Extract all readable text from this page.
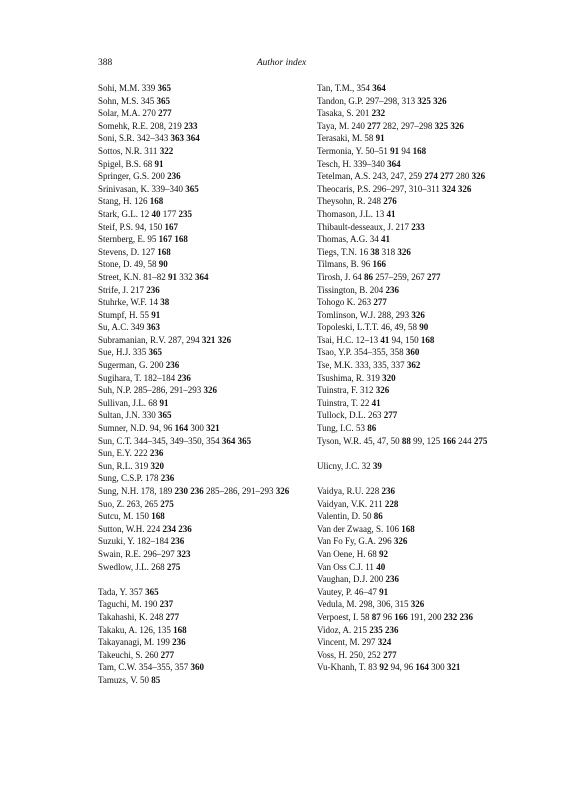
388	Author index
Sohi, M.M. 339 365
Sohn, M.S. 345 365
Solar, M.A. 270 277
Somehk, R.E. 208, 219 233
Soni, S.R. 342–343 363 364
Sottos, N.R. 311 322
Spigel, B.S. 68 91
Springer, G.S. 200 236
Srinivasan, K. 339–340 365
Stang, H. 126 168
Stark, G.L. 12 40 177 235
Steif, P.S. 94, 150 167
Sternberg, E. 95 167 168
Stevens, D. 127 168
Stone, D. 49, 58 90
Street, K.N. 81–82 91 332 364
Strife, J. 217 236
Stuhrke, W.F. 14 38
Stumpf, H. 55 91
Su, A.C. 349 363
Subramanian, R.V. 287, 294 321 326
Sue, H.J. 335 365
Sugerman, G. 200 236
Sugihara, T. 182–184 236
Suh, N.P. 285–286, 291–293 326
Sullivan, J.L. 68 91
Sultan, J.N. 330 365
Sumner, N.D. 94, 96 164 300 321
Sun, C.T. 344–345, 349–350, 354 364 365
Sun, E.Y. 222 236
Sun, R.L. 319 320
Sung, C.S.P. 178 236
Sung, N.H. 178, 189 230 236 285–286, 291–293 326
Suo, Z. 263, 265 275
Sutcu, M. 150 168
Sutton, W.H. 224 234 236
Suzuki, Y. 182–184 236
Swain, R.E. 296–297 323
Swedlow, J.L. 268 275
Tada, Y. 357 365
Taguchi, M. 190 237
Takahashi, K. 248 277
Takaku, A. 126, 135 168
Takayanagi, M. 199 236
Takeuchi, S. 260 277
Tam, C.W. 354–355, 357 360
Tamuzs, V. 50 85
Tan, T.M., 354 364
Tandon, G.P. 297–298, 313 325 326
Tasaka, S. 201 232
Taya, M. 240 277 282, 297–298 325 326
Terasaki, M. 58 91
Termonia, Y. 50–51 91 94 168
Tesch, H. 339–340 364
Tetelman, A.S. 243, 247, 259 274 277 280 326
Theocaris, P.S. 296–297, 310–311 324 326
Theysohn, R. 248 276
Thomason, J.L. 13 41
Thibault-desseaux, J. 217 233
Thomas, A.G. 34 41
Tiegs, T.N. 16 38 318 326
Tilmans, B. 96 166
Tirosh, J. 64 86 257–259, 267 277
Tissington, B. 204 236
Tohogo K. 263 277
Tomlinson, W.J. 288, 293 326
Topoleski, L.T.T. 46, 49, 58 90
Tsai, H.C. 12–13 41 94, 150 168
Tsao, Y.P. 354–355, 358 360
Tse, M.K. 333, 335, 337 362
Tsushima, R. 319 320
Tuinstra, F. 312 326
Tuinstra, T. 22 41
Tullock, D.L. 263 277
Tung, I.C. 53 86
Tyson, W.R. 45, 47, 50 88 99, 125 166 244 275
Ulicny, J.C. 32 39
Vaidya, R.U. 228 236
Vaidyan, V.K. 211 228
Valentin, D. 50 86
Van der Zwaag, S. 106 168
Van Fo Fy, G.A. 296 326
Van Oene, H. 68 92
Van Oss C.J. 11 40
Vaughan, D.J. 200 236
Vautey, P. 46–47 91
Vedula, M. 298, 306, 315 326
Verpoest, I. 58 87 96 166 191, 200 232 236
Vidoz, A. 215 235 236
Vincent, M. 297 324
Voss, H. 250, 252 277
Vu-Khanh, T. 83 92 94, 96 164 300 321
